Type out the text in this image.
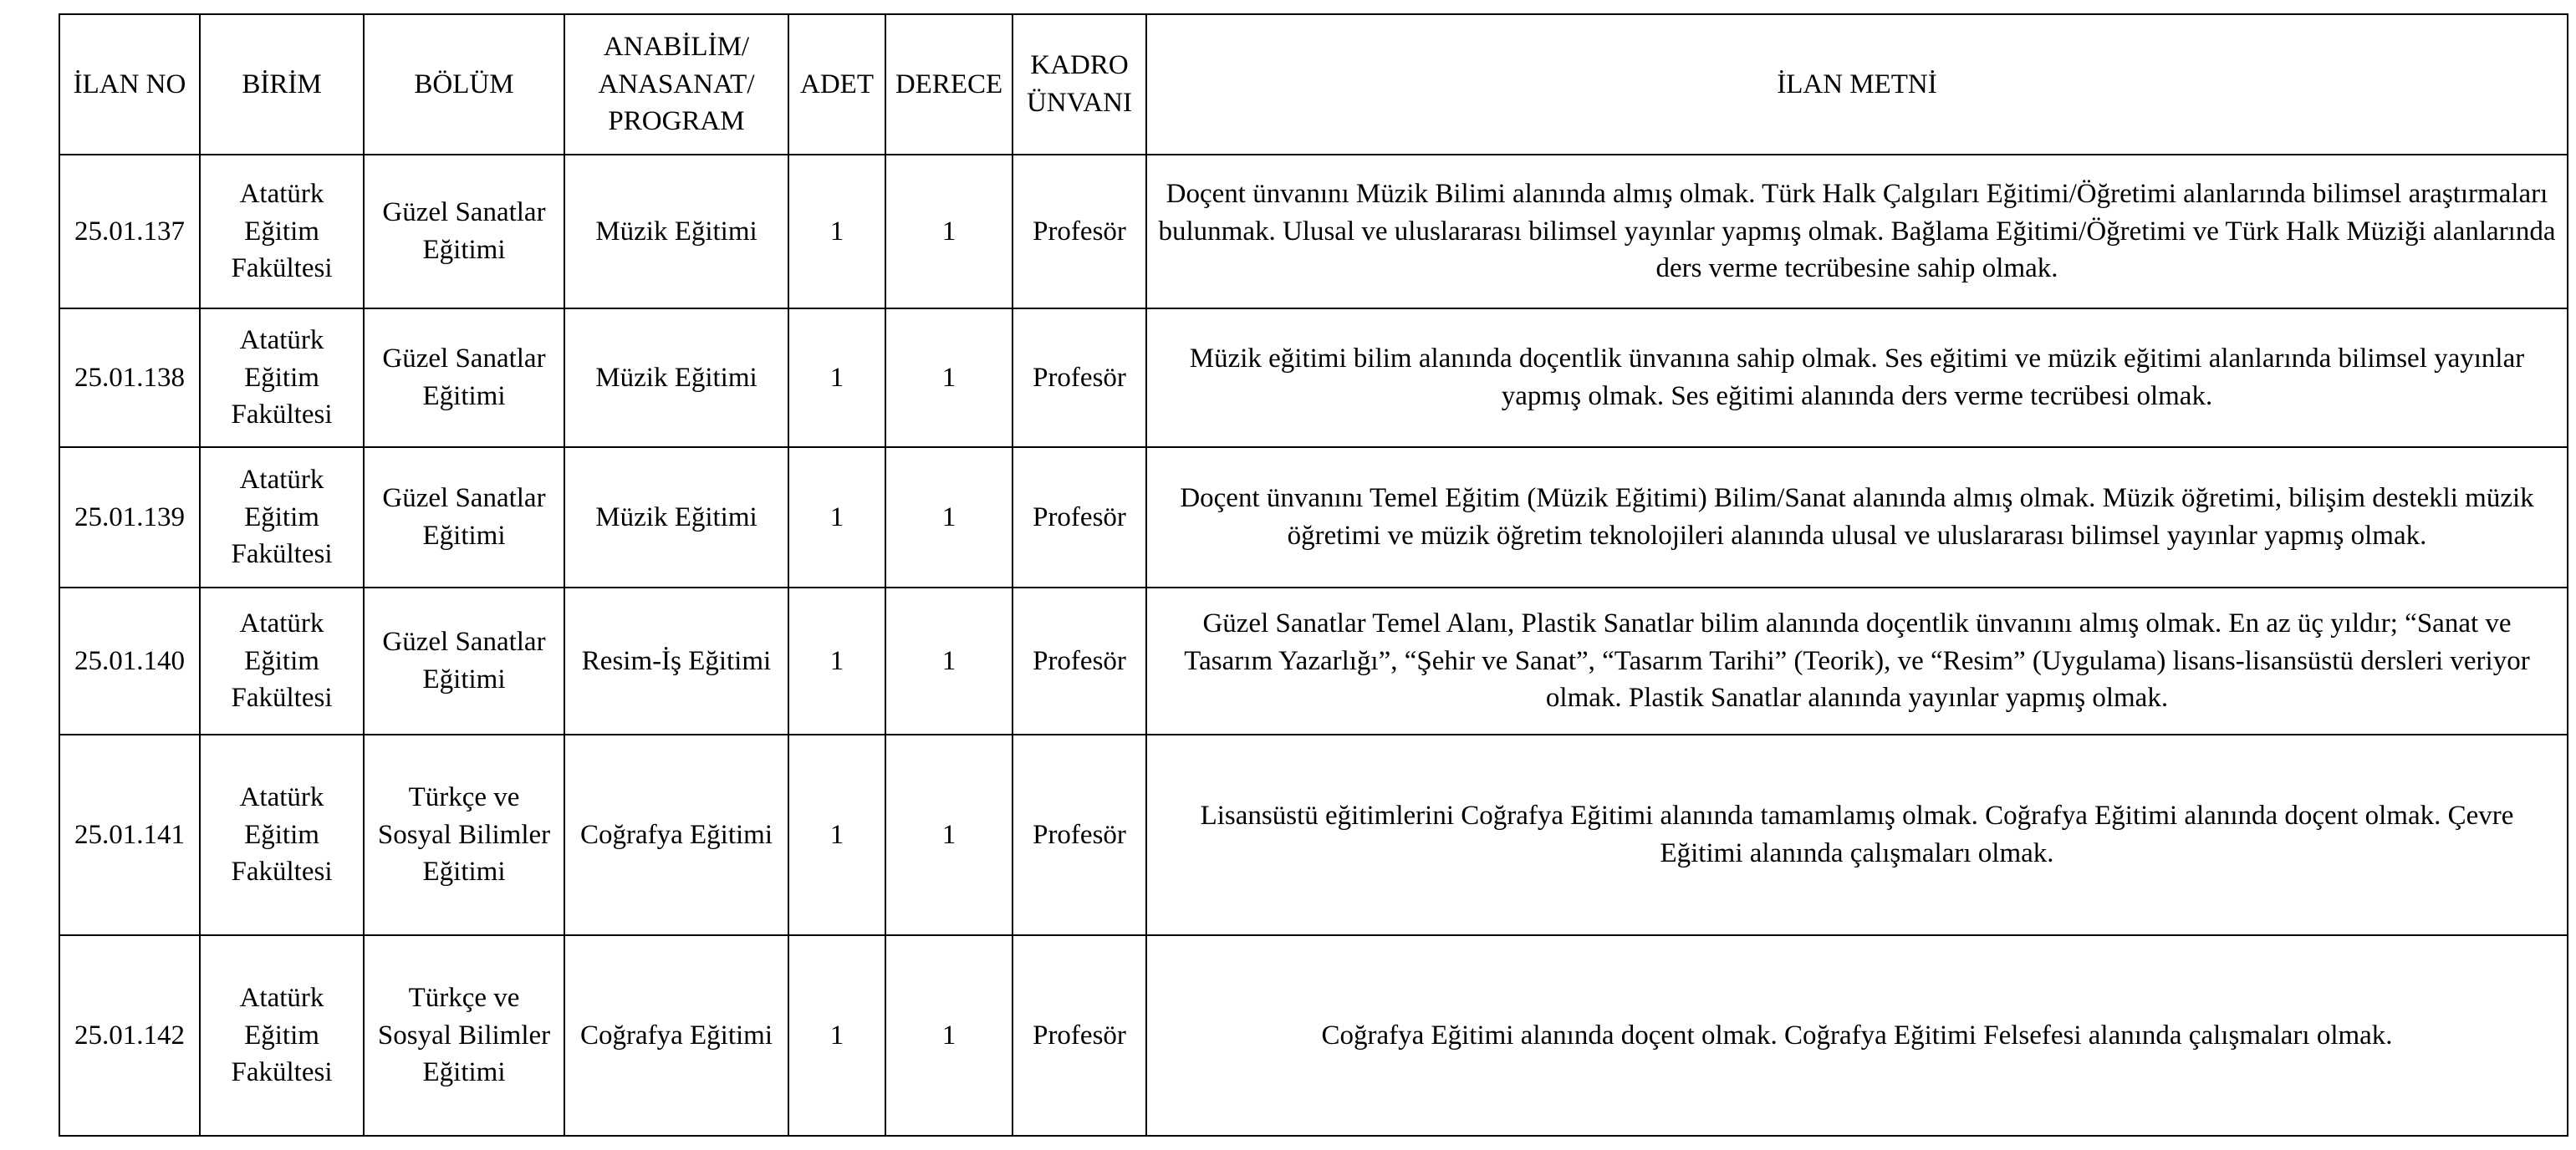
İLAN NO	BİRİM	BÖLÜM	ANABİLİM/ ANASANAT/ PROGRAM	ADET	DERECE	KADRO ÜNVANI	İLAN METNİ
25.01.137	Atatürk Eğitim Fakültesi	Güzel Sanatlar Eğitimi	Müzik Eğitimi	1	1	Profesör	Doçent ünvanını Müzik Bilimi alanında almış olmak. Türk Halk Çalgıları Eğitimi/Öğretimi alanlarında bilimsel araştırmaları bulunmak. Ulusal ve uluslararası bilimsel yayınlar yapmış olmak. Bağlama Eğitimi/Öğretimi ve Türk Halk Müziği alanlarında ders verme tecrübesine sahip olmak.
25.01.138	Atatürk Eğitim Fakültesi	Güzel Sanatlar Eğitimi	Müzik Eğitimi	1	1	Profesör	Müzik eğitimi bilim alanında doçentlik ünvanına sahip olmak. Ses eğitimi ve müzik eğitimi alanlarında bilimsel yayınlar yapmış olmak. Ses eğitimi alanında ders verme tecrübesi olmak.
25.01.139	Atatürk Eğitim Fakültesi	Güzel Sanatlar Eğitimi	Müzik Eğitimi	1	1	Profesör	Doçent ünvanını Temel Eğitim (Müzik Eğitimi) Bilim/Sanat alanında almış olmak. Müzik öğretimi, bilişim destekli müzik öğretimi ve müzik öğretim teknolojileri alanında ulusal ve uluslararası bilimsel yayınlar yapmış olmak.
25.01.140	Atatürk Eğitim Fakültesi	Güzel Sanatlar Eğitimi	Resim-İş Eğitimi	1	1	Profesör	Güzel Sanatlar Temel Alanı, Plastik Sanatlar bilim alanında doçentlik ünvanını almış olmak. En az üç yıldır; “Sanat ve Tasarım Yazarlığı”, “Şehir ve Sanat”, “Tasarım Tarihi” (Teorik), ve “Resim” (Uygulama) lisans-lisansüstü dersleri veriyor olmak. Plastik Sanatlar alanında yayınlar yapmış olmak.
25.01.141	Atatürk Eğitim Fakültesi	Türkçe ve Sosyal Bilimler Eğitimi	Coğrafya Eğitimi	1	1	Profesör	Lisansüstü eğitimlerini Coğrafya Eğitimi alanında tamamlamış olmak. Coğrafya Eğitimi alanında doçent olmak. Çevre Eğitimi alanında çalışmaları olmak.
25.01.142	Atatürk Eğitim Fakültesi	Türkçe ve Sosyal Bilimler Eğitimi	Coğrafya Eğitimi	1	1	Profesör	Coğrafya Eğitimi alanında doçent olmak. Coğrafya Eğitimi Felsefesi alanında çalışmaları olmak.
